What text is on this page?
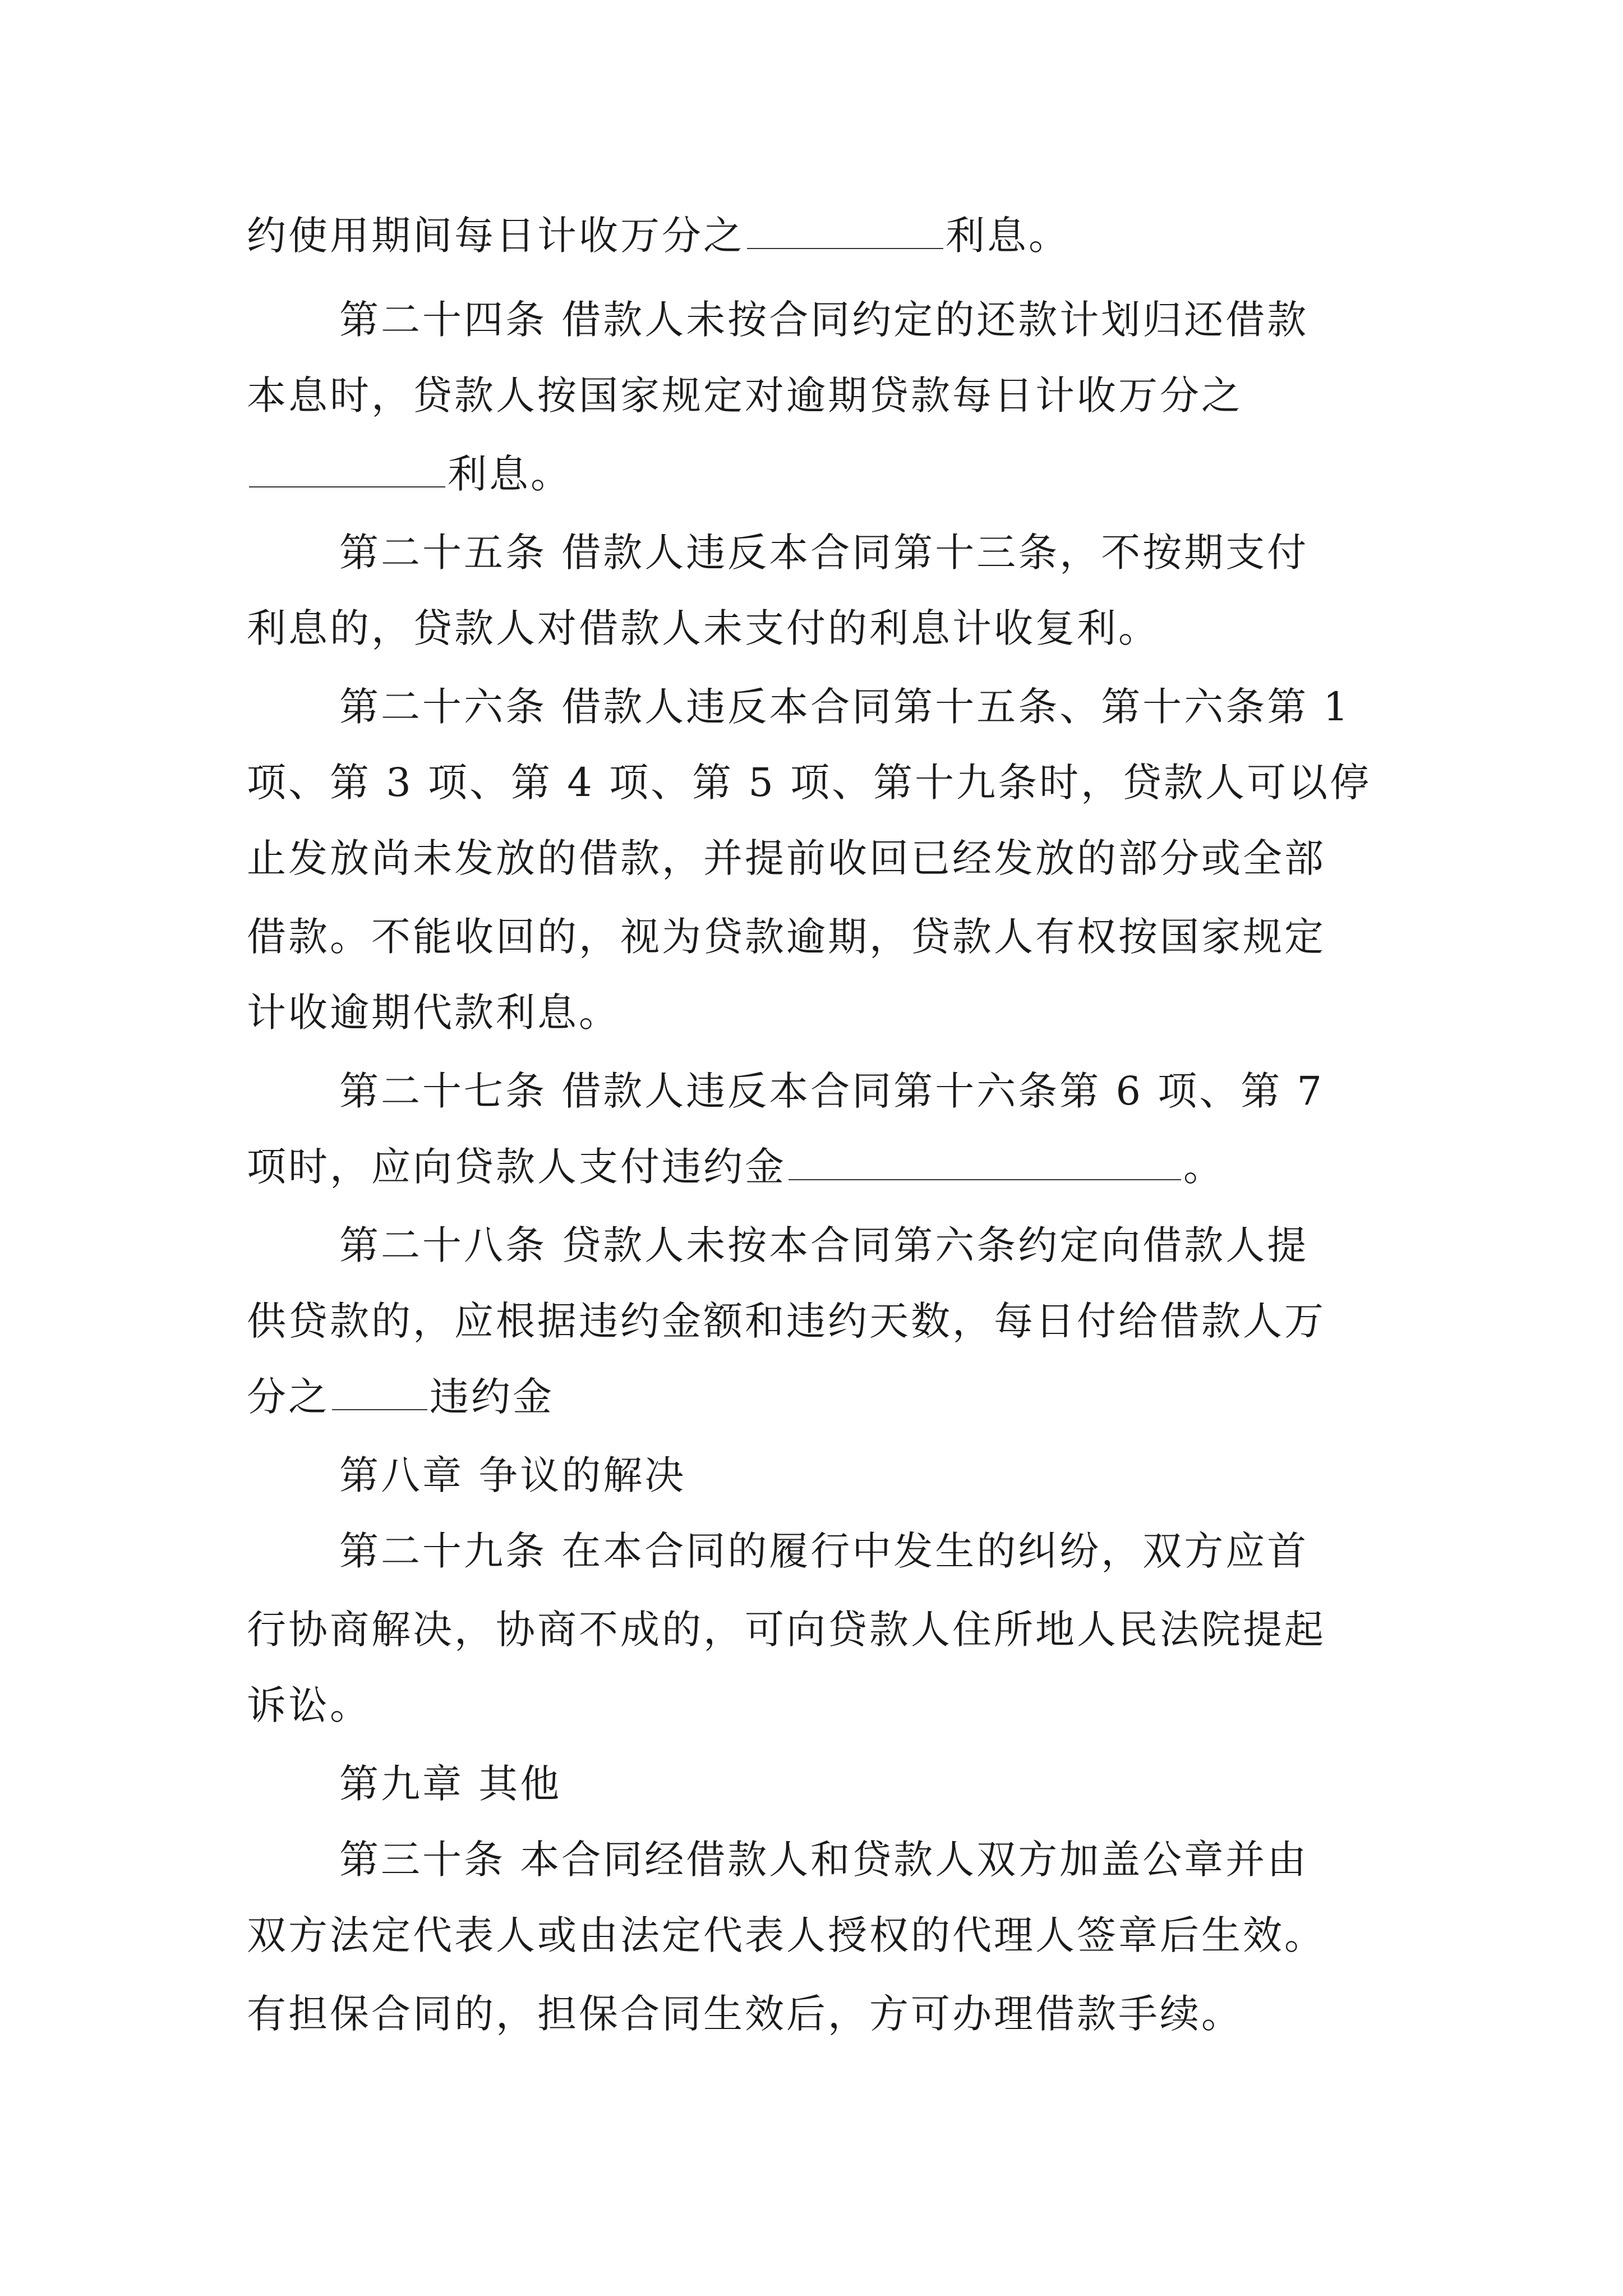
约使用期间每日计收万分之	利息。
第二十四条 借款人未按合同约定的还款计划归还借款
本息时，贷款人按国家规定对逾期贷款每日计收万分之
利息。
第二十五条 借款人违反本合同第十三条，不按期支付
利息的，贷款人对借款人未支付的利息计收复利。
第二十六条 借款人违反本合同第十五条、第十六条第 1
项、第 3 项、第 4 项、第 5 项、第十九条时，贷款人可以停
止发放尚未发放的借款，并提前收回已经发放的部分或全部
借款。不能收回的，视为贷款逾期，贷款人有权按国家规定
计收逾期代款利息。
第二十七条 借款人违反本合同第十六条第 6 项、第 7
项时，应向贷款人支付违约金	。
第二十八条 贷款人未按本合同第六条约定向借款人提
供贷款的，应根据违约金额和违约天数，每日付给借款人万
分之	违约金
第八章 争议的解决
第二十九条 在本合同的履行中发生的纠纷，双方应首
行协商解决，协商不成的，可向贷款人住所地人民法院提起
诉讼。
第九章 其他
第三十条 本合同经借款人和贷款人双方加盖公章并由
双方法定代表人或由法定代表人授权的代理人签章后生效。
有担保合同的，担保合同生效后，方可办理借款手续。
